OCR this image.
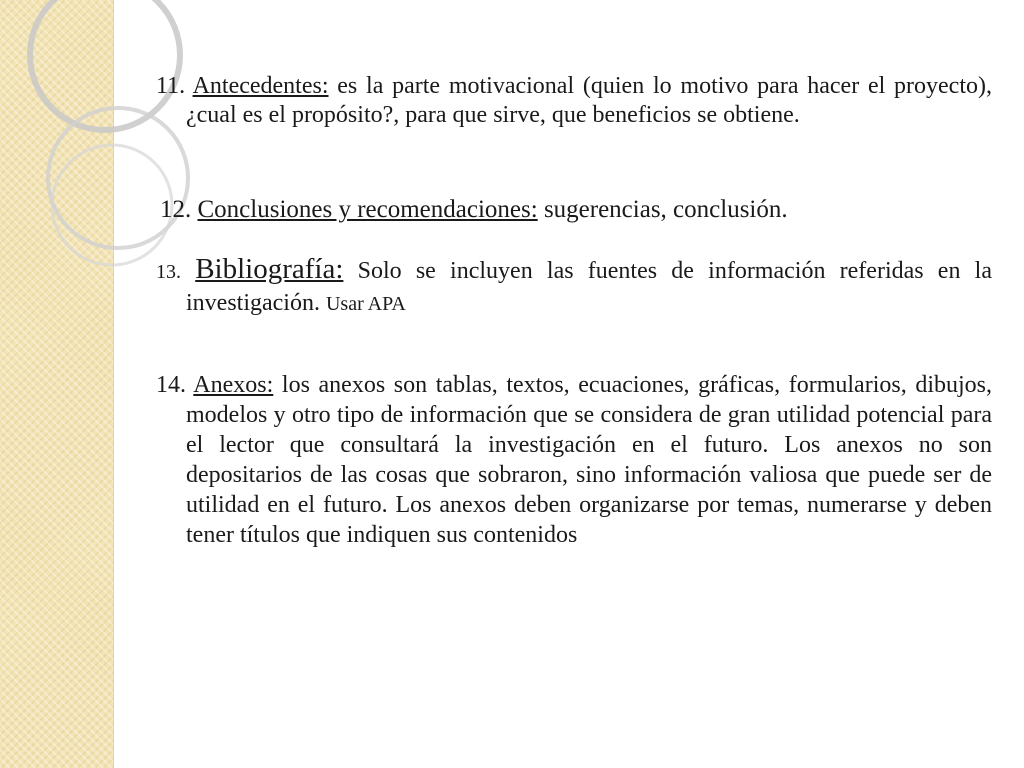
11. Antecedentes: es la parte motivacional (quien lo motivo para hacer el proyecto), ¿cual es el propósito?, para que sirve, que beneficios se obtiene.

12. Conclusiones y recomendaciones: sugerencias, conclusión.

13. Bibliografía: Solo se incluyen las fuentes de información referidas en la investigación. Usar APA

14. Anexos: los anexos son tablas, textos, ecuaciones, gráficas, formularios, dibujos, modelos y otro tipo de información que se considera de gran utilidad potencial para el lector que consultará la investigación en el futuro. Los anexos no son depositarios de las cosas que sobraron, sino información valiosa que puede ser de utilidad en el futuro. Los anexos deben organizarse por temas, numerarse y deben tener títulos que indiquen sus contenidos
